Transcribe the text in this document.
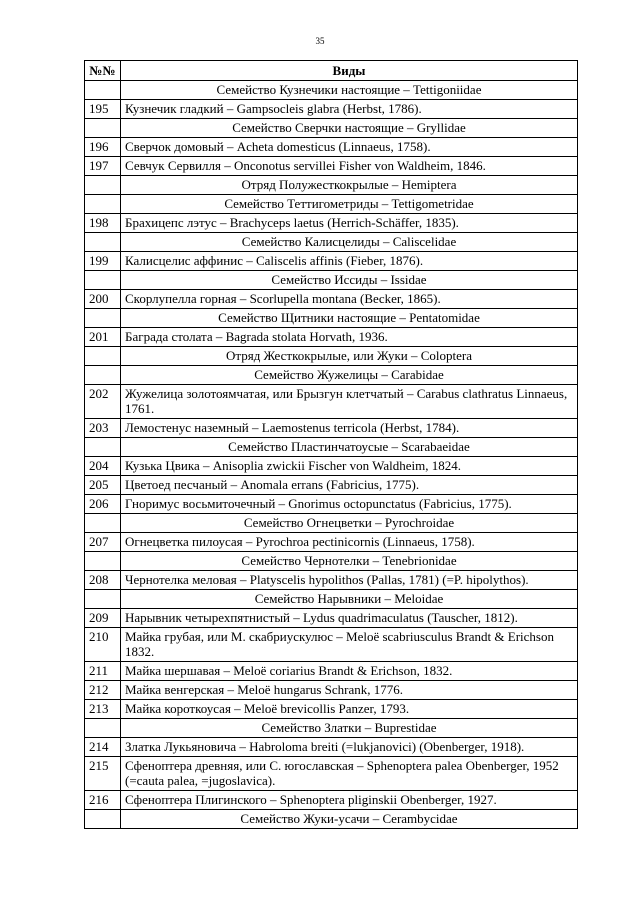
35
№№	Виды
	Семейство Кузнечики настоящие – Tettigoniidae
195	Кузнечик гладкий – Gampsocleis glabra (Herbst, 1786).
	Семейство Сверчки настоящие – Gryllidae
196	Сверчок домовый – Acheta domesticus (Linnaeus, 1758).
197	Севчук Сервилля – Onconotus servillei Fisher von Waldheim, 1846.
	Отряд Полужесткокрылые – Hemiptera
	Семейство Теттигометриды – Tettigometridae
198	Брахицепс лэтус – Brachyceps laetus (Herrich-Schäffer, 1835).
	Семейство Калисцелиды – Caliscelidae
199	Калисцелис аффинис – Caliscelis affinis (Fieber, 1876).
	Семейство Иссиды – Issidae
200	Скорлупелла горная – Scorlupella montana (Becker, 1865).
	Семейство Щитники настоящие – Pentatomidae
201	Баграда столата – Bagrada stolata Horvath, 1936.
	Отряд Жесткокрылые, или Жуки – Coloptera
	Семейство Жужелицы – Carabidae
202	Жужелица золотоямчатая, или Брызгун клетчатый – Carabus clathratus Linnaeus, 1761.
203	Лемостенус наземный – Laemostenus terricola (Herbst, 1784).
	Семейство Пластинчатоусые – Scarabaeidae
204	Кузька Цвика – Anisoplia zwickii Fischer von Waldheim, 1824.
205	Цветоед песчаный – Anomala errans (Fabricius, 1775).
206	Гноримус восьмиточечный – Gnorimus octopunctatus (Fabricius, 1775).
	Семейство Огнецветки – Pyrochroidae
207	Огнецветка пилоусая – Pyrochroa pectinicornis (Linnaeus, 1758).
	Семейство Чернотелки – Tenebrionidae
208	Чернотелка меловая – Platyscelis hypolithos (Pallas, 1781) (=P. hipolythos).
	Семейство Нарывники – Meloidae
209	Нарывник четырехпятнистый – Lydus quadrimaculatus (Tauscher, 1812).
210	Майка грубая, или М. скабриускулюс – Meloë scabriusculus Brandt & Erichson 1832.
211	Майка шершавая – Meloë coriarius Brandt & Erichson, 1832.
212	Майка венгерская – Meloë hungarus Schrank, 1776.
213	Майка короткоусая – Meloë brevicollis Panzer, 1793.
	Семейство Златки – Buprestidae
214	Златка Лукьяновича – Habroloma breiti (=lukjanovici) (Obenberger, 1918).
215	Сфеноптера древняя, или С. югославская – Sphenoptera palea Obenberger, 1952 (=cauta palea, =jugoslavica).
216	Сфеноптера Плигинского – Sphenoptera pliginskii Obenberger, 1927.
	Семейство Жуки-усачи – Cerambycidae
